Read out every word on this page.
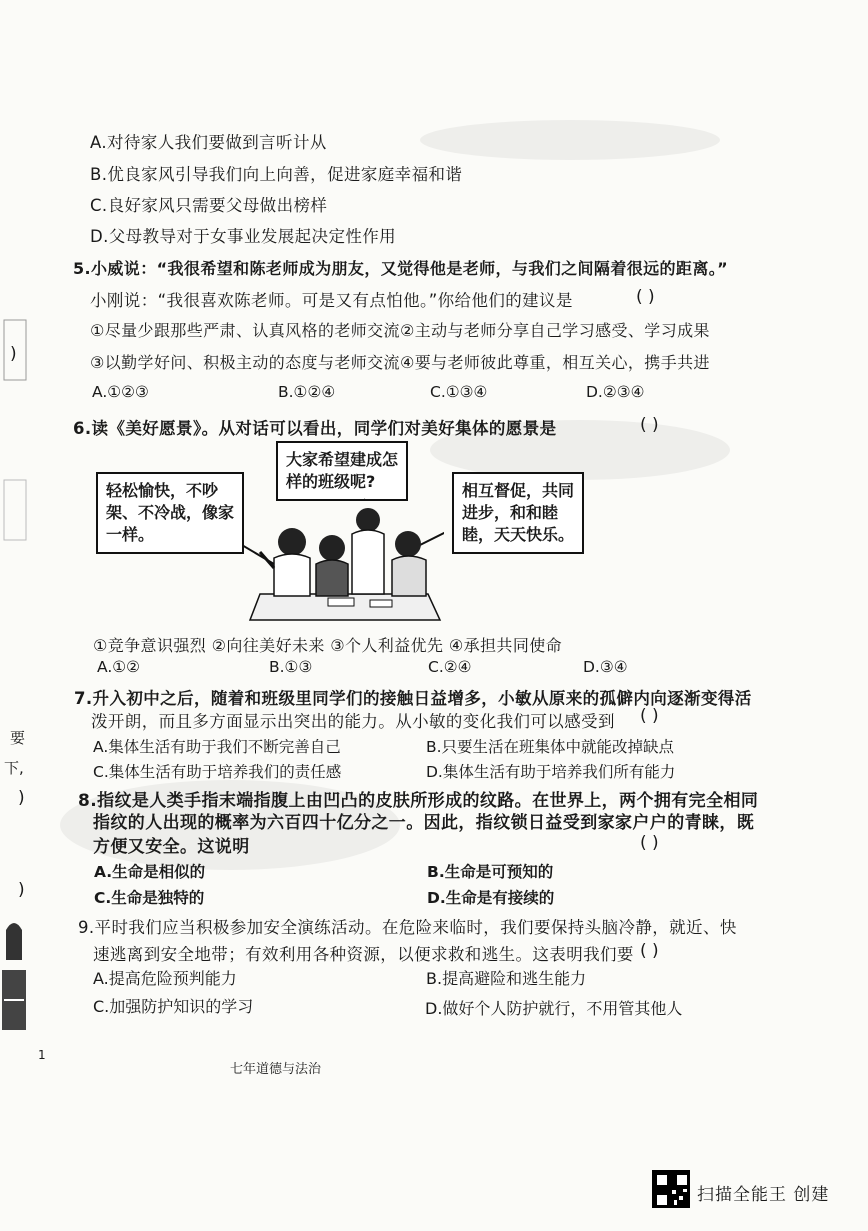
)
要
下,
)
)
A.对待家人我们要做到言听计从
B.优良家风引导我们向上向善，促进家庭幸福和谐
C.良好家风只需要父母做出榜样
D.父母教导对于女事业发展起决定性作用
5.小威说：“我很希望和陈老师成为朋友，又觉得他是老师，与我们之间隔着很远的距离。”
小刚说：“我很喜欢陈老师。可是又有点怕他。”你给他们的建议是	( )
①尽量少跟那些严肃、认真风格的老师交流②主动与老师分享自己学习感受、学习成果
③以勤学好问、积极主动的态度与老师交流④要与老师彼此尊重，相互关心，携手共进
A.①②③	B.①②④	C.①③④	D.②③④
6.读《美好愿景》。从对话可以看出，同学们对美好集体的愿景是	( )
大家希望建成怎样的班级呢?
轻松愉快，不吵架、不冷战，像家一样。
相互督促，共同进步，和和睦睦，天天快乐。
①竞争意识强烈 ②向往美好未来 ③个人利益优先 ④承担共同使命
A.①②	B.①③	C.②④	D.③④
7.升入初中之后，随着和班级里同学们的接触日益增多，小敏从原来的孤僻内向逐渐变得活
泼开朗，而且多方面显示出突出的能力。从小敏的变化我们可以感受到 ( )
A.集体生活有助于我们不断完善自己	B.只要生活在班集体中就能改掉缺点
C.集体生活有助于培养我们的责任感	D.集体生活有助于培养我们所有能力
8.指纹是人类手指末端指腹上由凹凸的皮肤所形成的纹路。在世界上，两个拥有完全相同
指纹的人出现的概率为六百四十亿分之一。因此，指纹锁日益受到家家户户的青睐，既
方便又安全。这说明	( )
A.生命是相似的	B.生命是可预知的
C.生命是独特的	D.生命是有接续的
9.平时我们应当积极参加安全演练活动。在危险来临时，我们要保持头脑冷静，就近、快
速逃离到安全地带；有效利用各种资源，以便求救和逃生。这表明我们要 ( )
A.提高危险预判能力	B.提高避险和逃生能力
C.加强防护知识的学习	D.做好个人防护就行，不用管其他人
1
七年道德与法治
扫描全能王 创建
